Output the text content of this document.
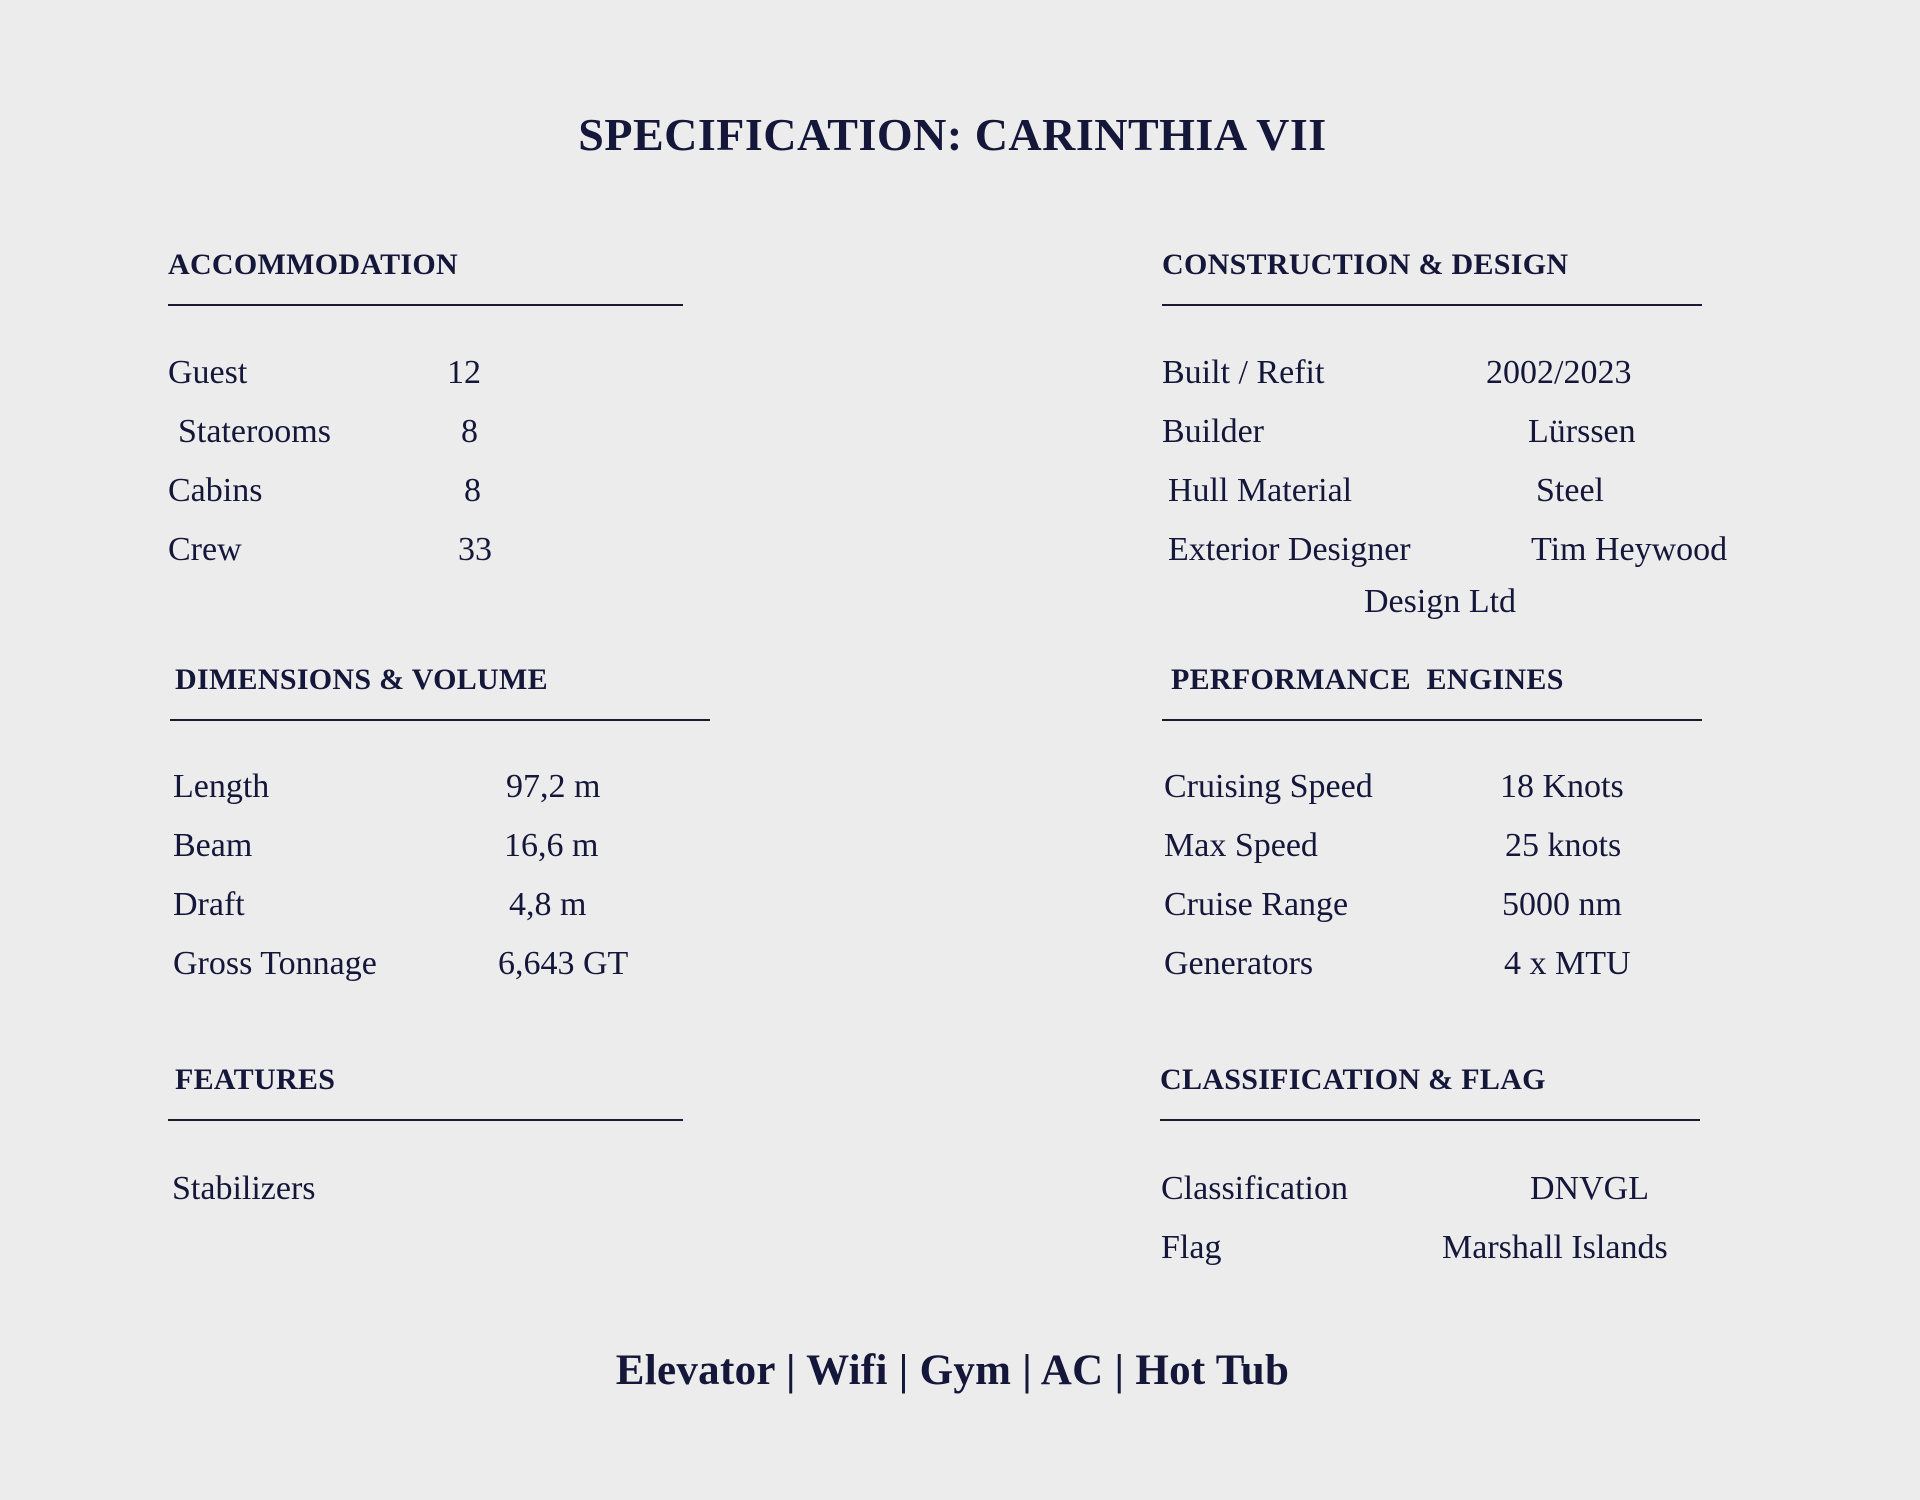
SPECIFICATION: CARINTHIA VII
ACCOMMODATION
Guest	12
Staterooms	8
Cabins	8
Crew	33
CONSTRUCTION & DESIGN
Built / Refit	2002/2023
Builder	Lürssen
Hull Material	Steel
Exterior Designer	Tim Heywood
Design Ltd
DIMENSIONS & VOLUME
Length	97,2 m
Beam	16,6 m
Draft	4,8 m
Gross Tonnage	6,643 GT
PERFORMANCE  ENGINES
Cruising Speed	18 Knots
Max Speed	25 knots
Cruise Range	5000 nm
Generators	4 x MTU
FEATURES
Stabilizers
CLASSIFICATION & FLAG
Classification	DNVGL
Flag	Marshall Islands
Elevator | Wifi | Gym | AC | Hot Tub
